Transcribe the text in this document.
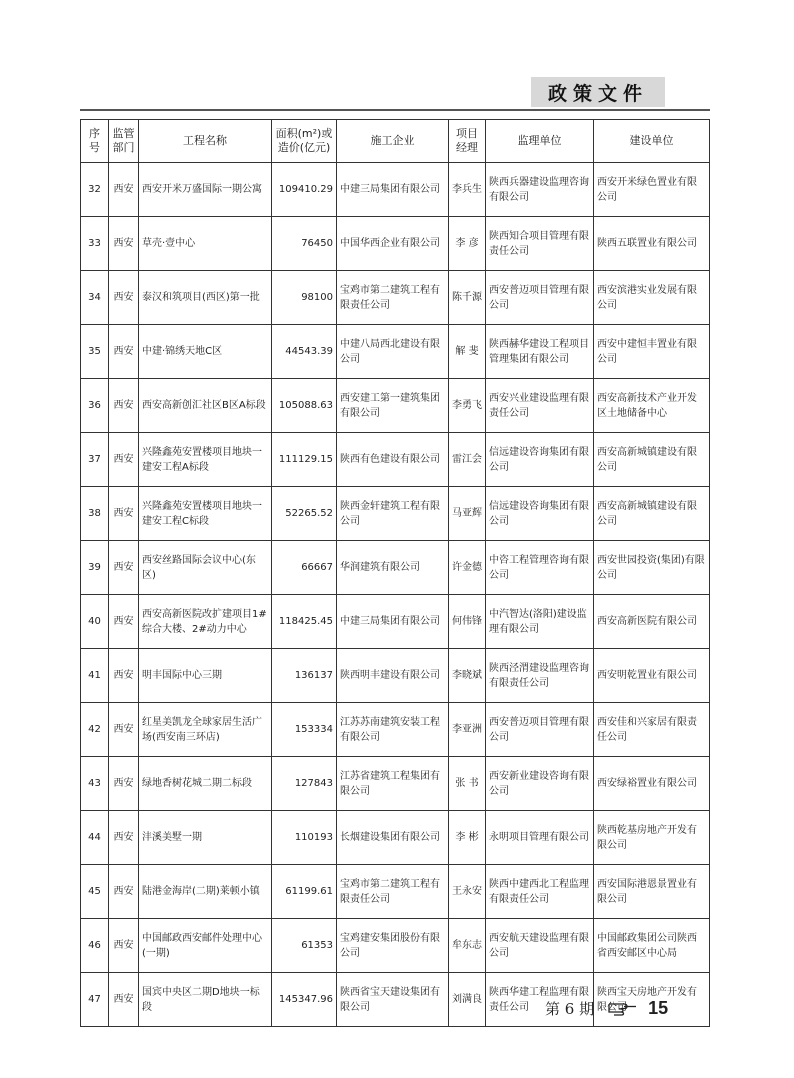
政策文件
序号	监管部门	工程名称	面积(m²)或造价(亿元)	施工企业	项目经理	监理单位	建设单位
32	西安	西安开米万盛国际一期公寓	109410.29	中建三局集团有限公司	李兵生	陕西兵器建设监理咨询有限公司	西安开米绿色置业有限公司
33	西安	草壳·壹中心	76450	中国华西企业有限公司	李 彦	陕西知合项目管理有限责任公司	陕西五联置业有限公司
34	西安	泰汉和筑项目(西区)第一批	98100	宝鸡市第二建筑工程有限责任公司	陈千源	西安普迈项目管理有限公司	西安滨港实业发展有限公司
35	西安	中建·锦绣天地C区	44543.39	中建八局西北建设有限公司	解 斐	陕西赫华建设工程项目管理集团有限公司	西安中建恒丰置业有限公司
36	西安	西安高新创汇社区B区A标段	105088.63	西安建工第一建筑集团有限公司	李勇飞	西安兴业建设监理有限责任公司	西安高新技术产业开发区土地储备中心
37	西安	兴隆鑫苑安置楼项目地块一建安工程A标段	111129.15	陕西有色建设有限公司	雷江会	信远建设咨询集团有限公司	西安高新城镇建设有限公司
38	西安	兴隆鑫苑安置楼项目地块一建安工程C标段	52265.52	陕西金轩建筑工程有限公司	马亚辉	信远建设咨询集团有限公司	西安高新城镇建设有限公司
39	西安	西安丝路国际会议中心(东区)	66667	华润建筑有限公司	许金德	中咨工程管理咨询有限公司	西安世园投资(集团)有限公司
40	西安	西安高新医院改扩建项目1#综合大楼、2#动力中心	118425.45	中建三局集团有限公司	何伟锋	中汽智达(洛阳)建设监理有限公司	西安高新医院有限公司
41	西安	明丰国际中心三期	136137	陕西明丰建设有限公司	李晓斌	陕西泾渭建设监理咨询有限责任公司	西安明乾置业有限公司
42	西安	红星美凯龙全球家居生活广场(西安南三环店)	153334	江苏苏南建筑安装工程有限公司	李亚洲	西安普迈项目管理有限公司	西安佳和兴家居有限责任公司
43	西安	绿地香树花城二期二标段	127843	江苏省建筑工程集团有限公司	张 书	西安新业建设咨询有限公司	西安绿裕置业有限公司
44	西安	沣溪美墅一期	110193	长烟建设集团有限公司	李 彬	永明项目管理有限公司	陕西乾基房地产开发有限公司
45	西安	陆港金海岸(二期)莱顿小镇	61199.61	宝鸡市第二建筑工程有限责任公司	王永安	陕西中建西北工程监理有限责任公司	西安国际港恩景置业有限公司
46	西安	中国邮政西安邮件处理中心(一期)	61353	宝鸡建安集团股份有限公司	牟东志	西安航天建设监理有限公司	中国邮政集团公司陕西省西安邮区中心局
47	西安	国宾中央区二期D地块一标段	145347.96	陕西省宝天建设集团有限公司	刘满良	陕西华建工程监理有限责任公司	陕西宝天房地产开发有限公司
第 6 期	15
